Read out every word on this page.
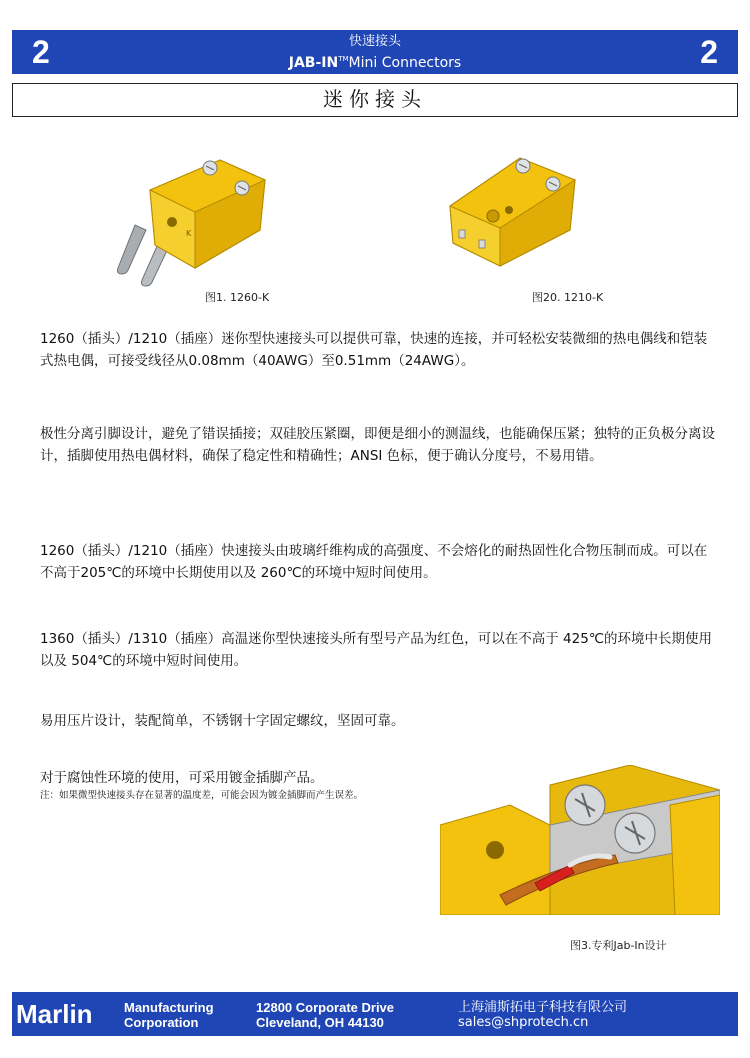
2	快速接头
JAB-IN™Mini Connectors	2
迷你接头
K
图1. 1260-K	图20. 1210-K
1260（插头）/1210（插座）迷你型快速接头可以提供可靠，快速的连接，并可轻松安装微细的热电偶线和铠装式热电偶，可接受线径从0.08mm（40AWG）至0.51mm（24AWG）。
极性分离引脚设计，避免了错误插接；双硅胶压紧圈，即便是细小的测温线，也能确保压紧；独特的正负极分离设计，插脚使用热电偶材料，确保了稳定性和精确性；ANSI 色标，便于确认分度号，不易用错。
1260（插头）/1210（插座）快速接头由玻璃纤维构成的高强度、不会熔化的耐热固性化合物压制而成。可以在不高于205℃的环境中长期使用以及 260℃的环境中短时间使用。
1360（插头）/1310（插座）高温迷你型快速接头所有型号产品为红色，可以在不高于 425℃的环境中长期使用以及 504℃的环境中短时间使用。
易用压片设计，装配简单，不锈钢十字固定螺纹，坚固可靠。
对于腐蚀性环境的使用，可采用镀金插脚产品。
注：如果微型快速接头存在显著的温度差，可能会因为镀金插脚而产生误差。
图3.专利Jab-In设计
Marlin Manufacturing
Corporation
12800 Corporate Drive
Cleveland, OH 44130
上海浦斯拓电子科技有限公司
sales@shprotech.cn
